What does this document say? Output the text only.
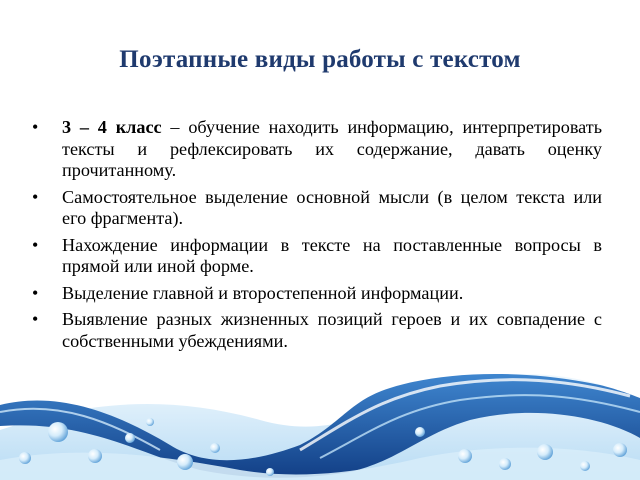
Поэтапные виды работы с текстом
•	3 – 4 класс – обучение находить информацию, интерпретировать тексты и рефлексировать их содержание, давать оценку прочитанному.
•	Самостоятельное выделение основной мысли (в целом текста или его фрагмента).
•	Нахождение информации в тексте на поставленные вопросы в прямой или иной форме.
•	Выделение главной и второстепенной информации.
•	Выявление разных жизненных позиций героев и их совпадение с собственными убеждениями.
